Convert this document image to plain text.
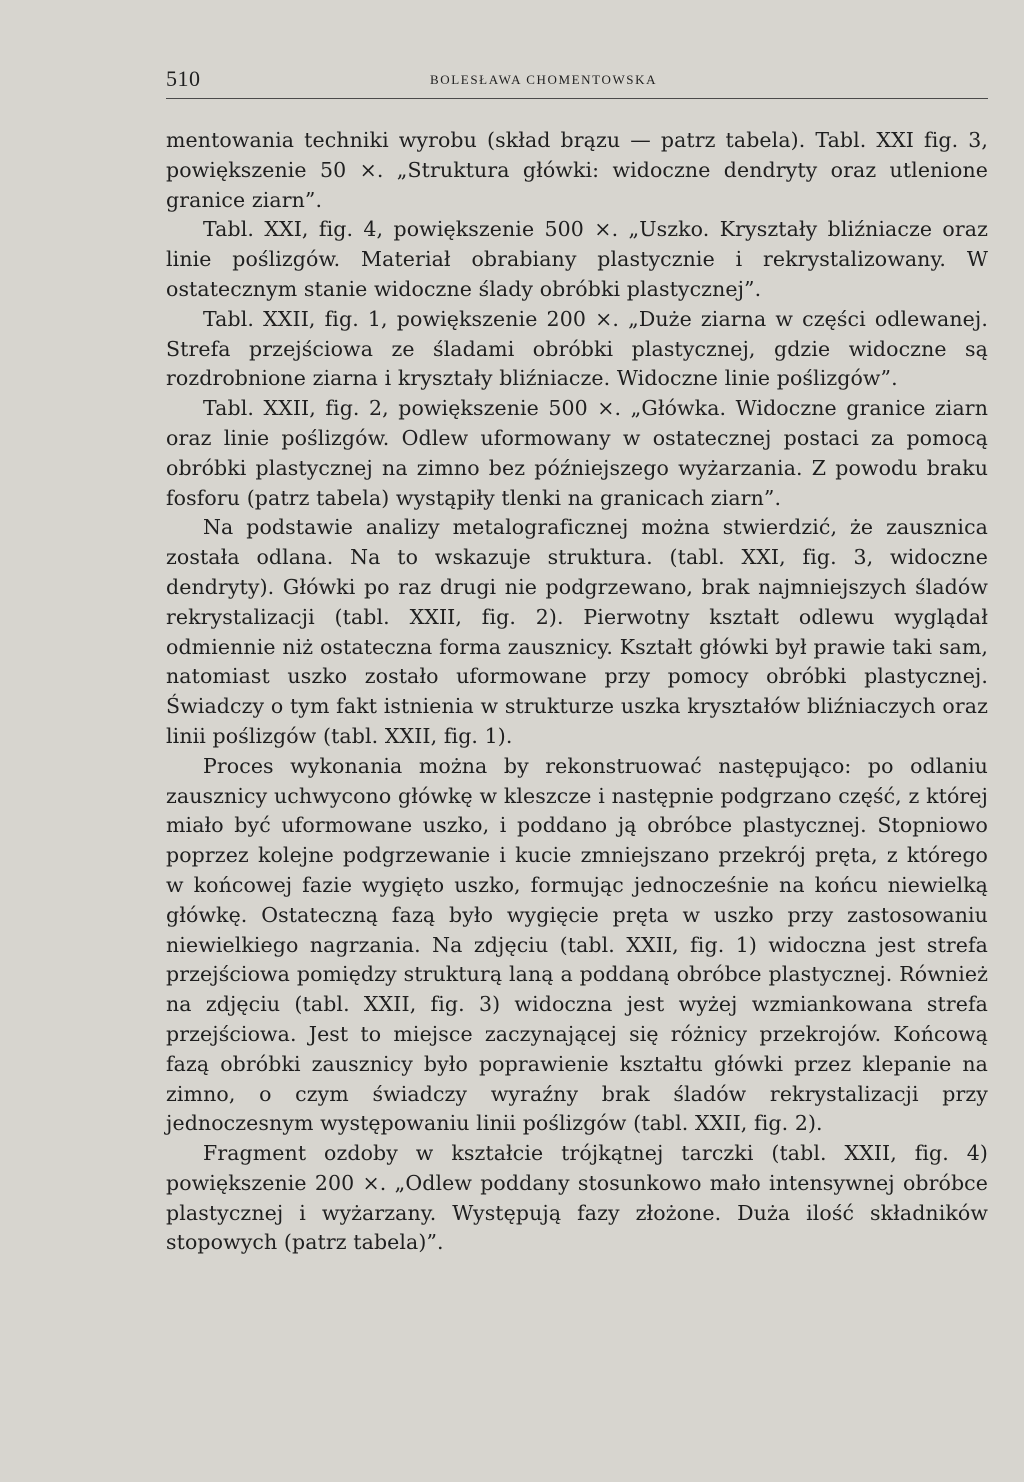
510	BOLESŁAWA CHOMENTOWSKA

mentowania techniki wyrobu (skład brązu — patrz tabela). Tabl. XXI fig. 3, powiększenie 50 ×. „Struktura główki: widoczne dendryty oraz utlenione granice ziarn”.

Tabl. XXI, fig. 4, powiększenie 500 ×. „Uszko. Kryształy bliźniacze oraz linie poślizgów. Materiał obrabiany plastycznie i rekrystalizowany. W ostatecznym stanie widoczne ślady obróbki plastycznej”.

Tabl. XXII, fig. 1, powiększenie 200 ×. „Duże ziarna w części odlewanej. Strefa przejściowa ze śladami obróbki plastycznej, gdzie widoczne są rozdrobnione ziarna i kryształy bliźniacze. Widoczne linie poślizgów”.

Tabl. XXII, fig. 2, powiększenie 500 ×. „Główka. Widoczne granice ziarn oraz linie poślizgów. Odlew uformowany w ostatecznej postaci za pomocą obróbki plastycznej na zimno bez późniejszego wyżarzania. Z powodu braku fosforu (patrz tabela) wystąpiły tlenki na granicach ziarn”.

Na podstawie analizy metalograficznej można stwierdzić, że zausznica została odlana. Na to wskazuje struktura. (tabl. XXI, fig. 3, widoczne dendryty). Główki po raz drugi nie podgrzewano, brak najmniejszych śladów rekrystalizacji (tabl. XXII, fig. 2). Pierwotny kształt odlewu wyglądał odmiennie niż ostateczna forma zausznicy. Kształt główki był prawie taki sam, natomiast uszko zostało uformowane przy pomocy obróbki plastycznej. Świadczy o tym fakt istnienia w strukturze uszka kryształów bliźniaczych oraz linii poślizgów (tabl. XXII, fig. 1).

Proces wykonania można by rekonstruować następująco: po odlaniu zausznicy uchwycono główkę w kleszcze i następnie podgrzano część, z której miało być uformowane uszko, i poddano ją obróbce plastycznej. Stopniowo poprzez kolejne podgrzewanie i kucie zmniejszano przekrój pręta, z którego w końcowej fazie wygięto uszko, formując jednocześnie na końcu niewielką główkę. Ostateczną fazą było wygięcie pręta w uszko przy zastosowaniu niewielkiego nagrzania. Na zdjęciu (tabl. XXII, fig. 1) widoczna jest strefa przejściowa pomiędzy strukturą laną a poddaną obróbce plastycznej. Również na zdjęciu (tabl. XXII, fig. 3) widoczna jest wyżej wzmiankowana strefa przejściowa. Jest to miejsce zaczynającej się różnicy przekrojów. Końcową fazą obróbki zausznicy było poprawienie kształtu główki przez klepanie na zimno, o czym świadczy wyraźny brak śladów rekrystalizacji przy jednoczesnym występowaniu linii poślizgów (tabl. XXII, fig. 2).

Fragment ozdoby w kształcie trójkątnej tarczki (tabl. XXII, fig. 4) powiększenie 200 ×. „Odlew poddany stosunkowo mało intensywnej obróbce plastycznej i wyżarzany. Występują fazy złożone. Duża ilość składników stopowych (patrz tabela)”.
